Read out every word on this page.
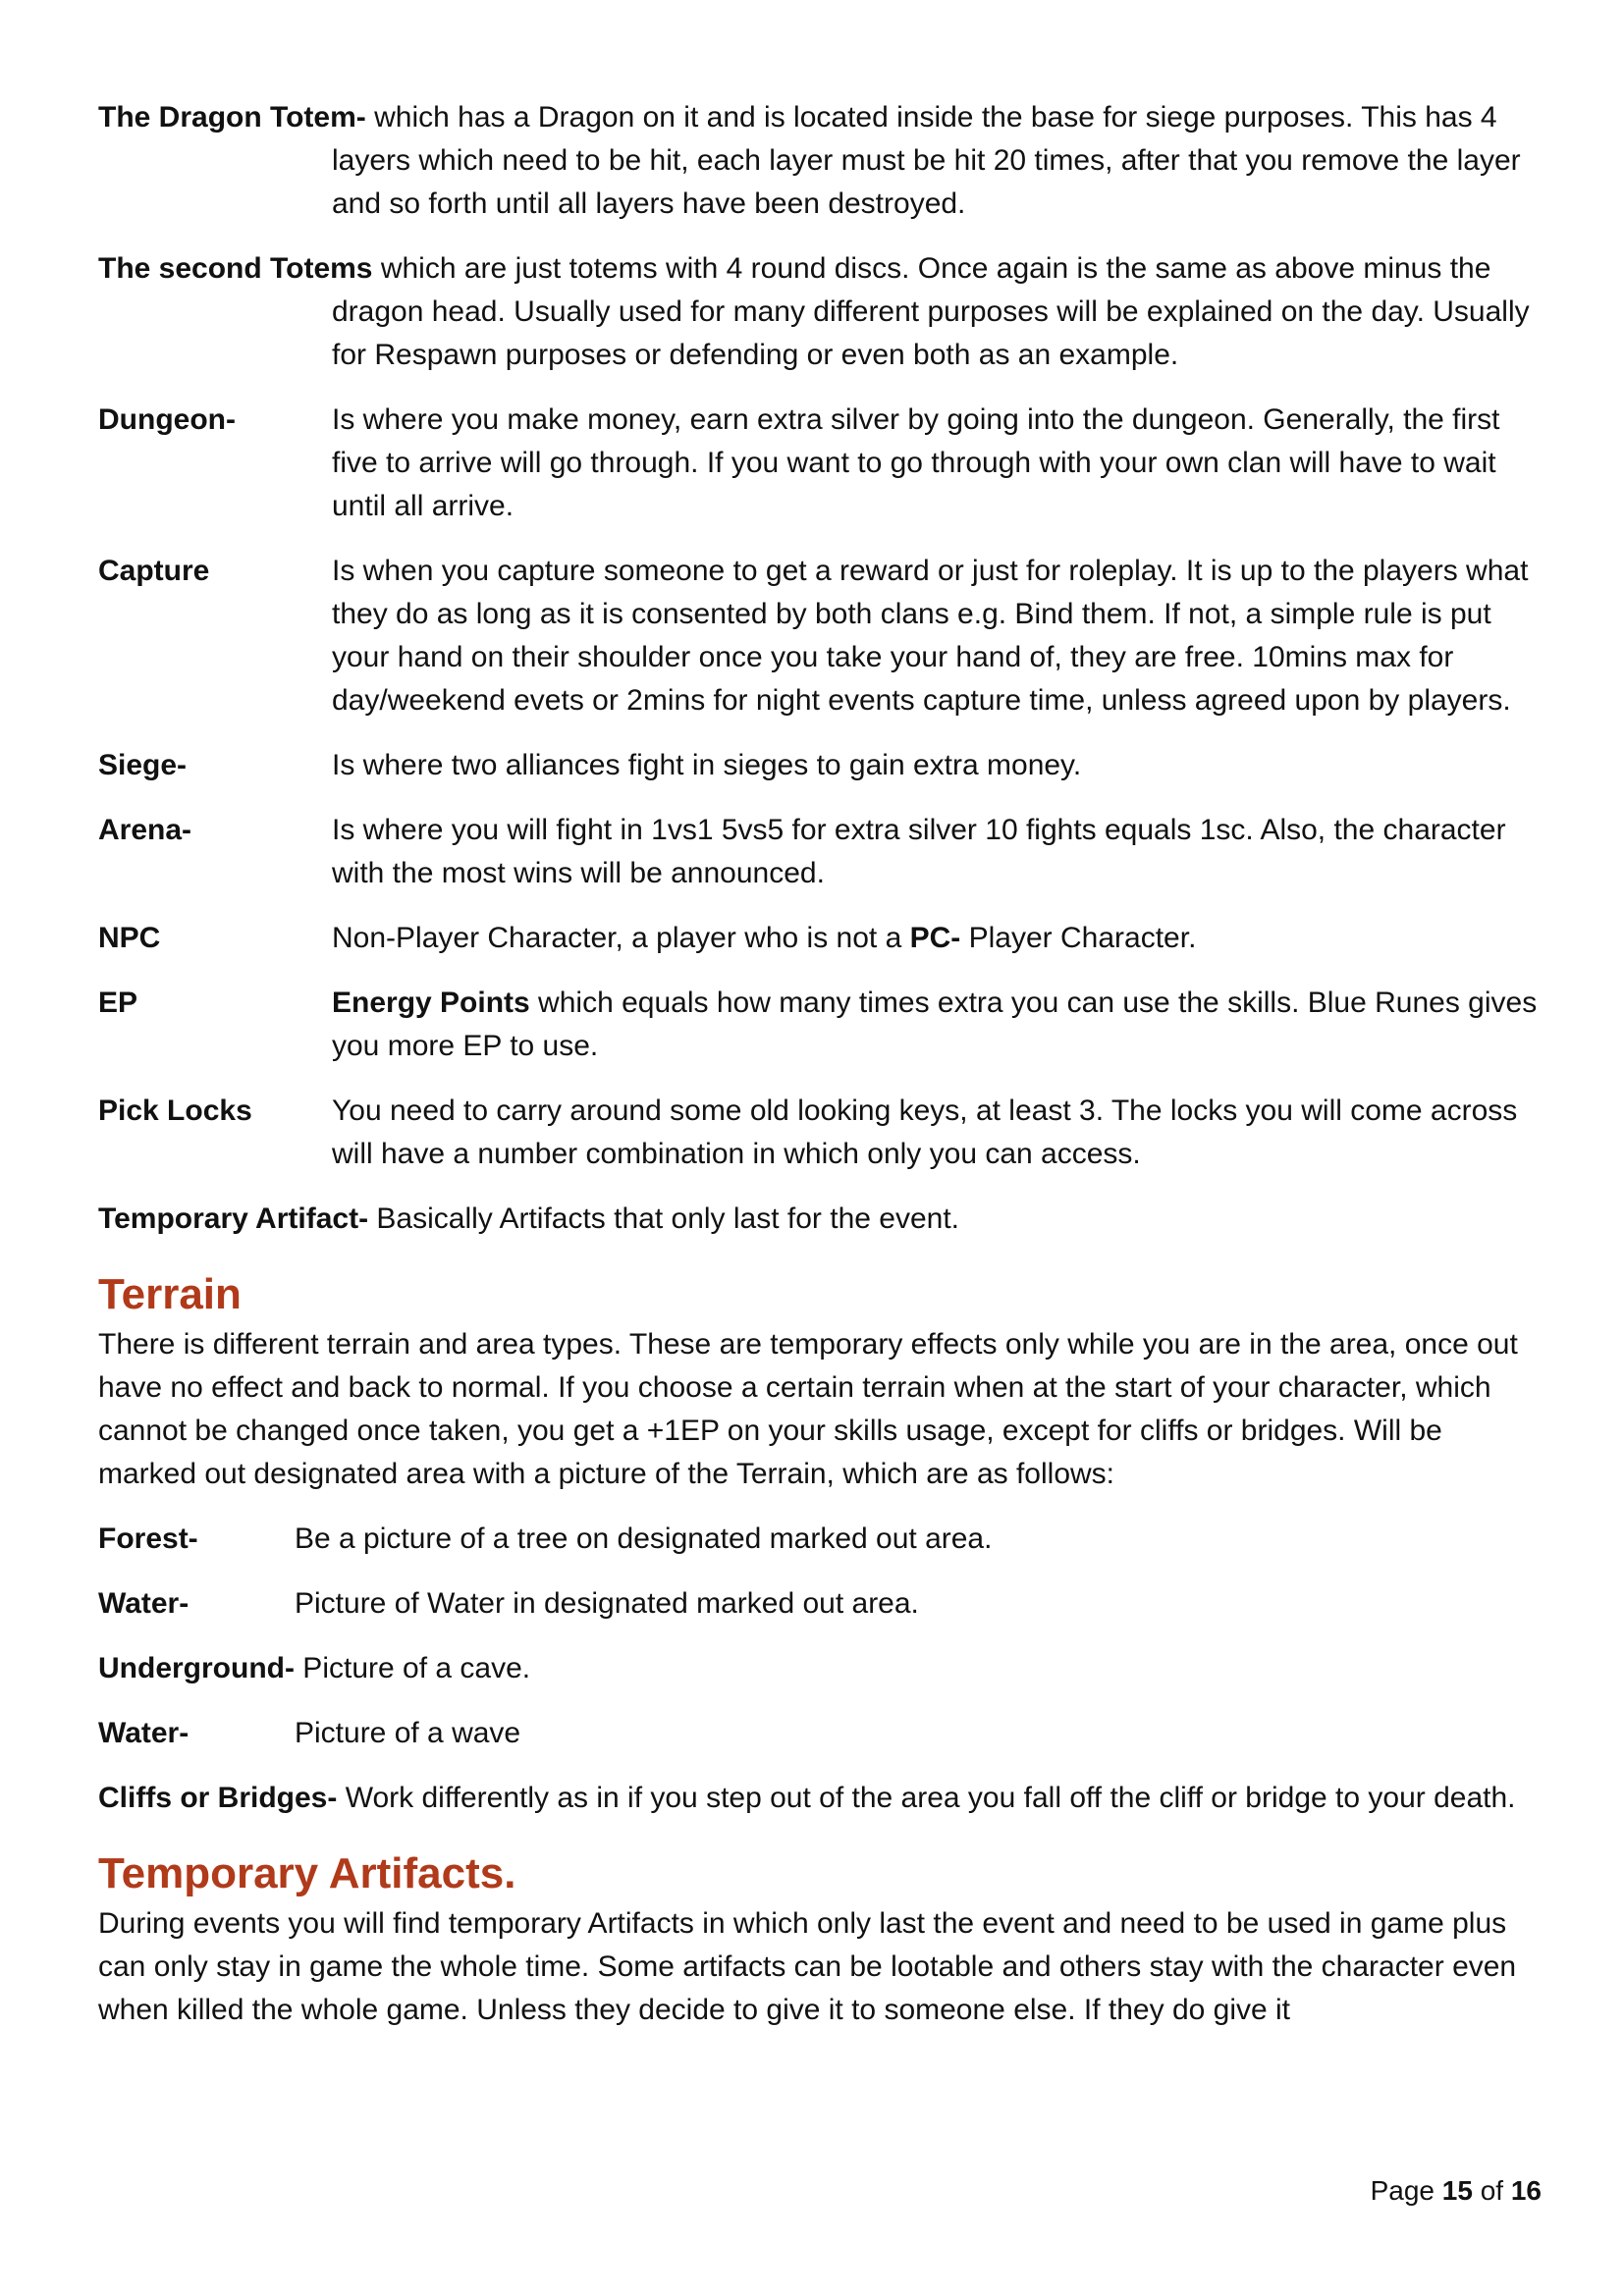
The Dragon Totem- which has a Dragon on it and is located inside the base for siege purposes. This has 4 layers which need to be hit, each layer must be hit 20 times, after that you remove the layer and so forth until all layers have been destroyed.

The second Totems which are just totems with 4 round discs. Once again is the same as above minus the dragon head. Usually used for many different purposes will be explained on the day. Usually for Respawn purposes or defending or even both as an example.

Dungeon-	Is where you make money, earn extra silver by going into the dungeon. Generally, the first five to arrive will go through. If you want to go through with your own clan will have to wait until all arrive.
Capture	Is when you capture someone to get a reward or just for roleplay. It is up to the players what they do as long as it is consented by both clans e.g. Bind them. If not, a simple rule is put your hand on their shoulder once you take your hand of, they are free. 10mins max for day/weekend evets or 2mins for night events capture time, unless agreed upon by players.
Siege-	Is where two alliances fight in sieges to gain extra money.
Arena-	Is where you will fight in 1vs1 5vs5 for extra silver 10 fights equals 1sc. Also, the character with the most wins will be announced.
NPC	Non-Player Character, a player who is not a PC- Player Character.
EP	Energy Points which equals how many times extra you can use the skills. Blue Runes gives you more EP to use.
Pick Locks	You need to carry around some old looking keys, at least 3. The locks you will come across will have a number combination in which only you can access.

Temporary Artifact- Basically Artifacts that only last for the event.

Terrain

There is different terrain and area types. These are temporary effects only while you are in the area, once out have no effect and back to normal. If you choose a certain terrain when at the start of your character, which cannot be changed once taken, you get a +1EP on your skills usage, except for cliffs or bridges. Will be marked out designated area with a picture of the Terrain, which are as follows:

Forest-	Be a picture of a tree on designated marked out area.
Water-	Picture of Water in designated marked out area.

Underground- Picture of a cave.

Water-	Picture of a wave

Cliffs or Bridges- Work differently as in if you step out of the area you fall off the cliff or bridge to your death.

Temporary Artifacts.

During events you will find temporary Artifacts in which only last the event and need to be used in game plus can only stay in game the whole time. Some artifacts can be lootable and others stay with the character even when killed the whole game. Unless they decide to give it to someone else. If they do give it

Page 15 of 16
